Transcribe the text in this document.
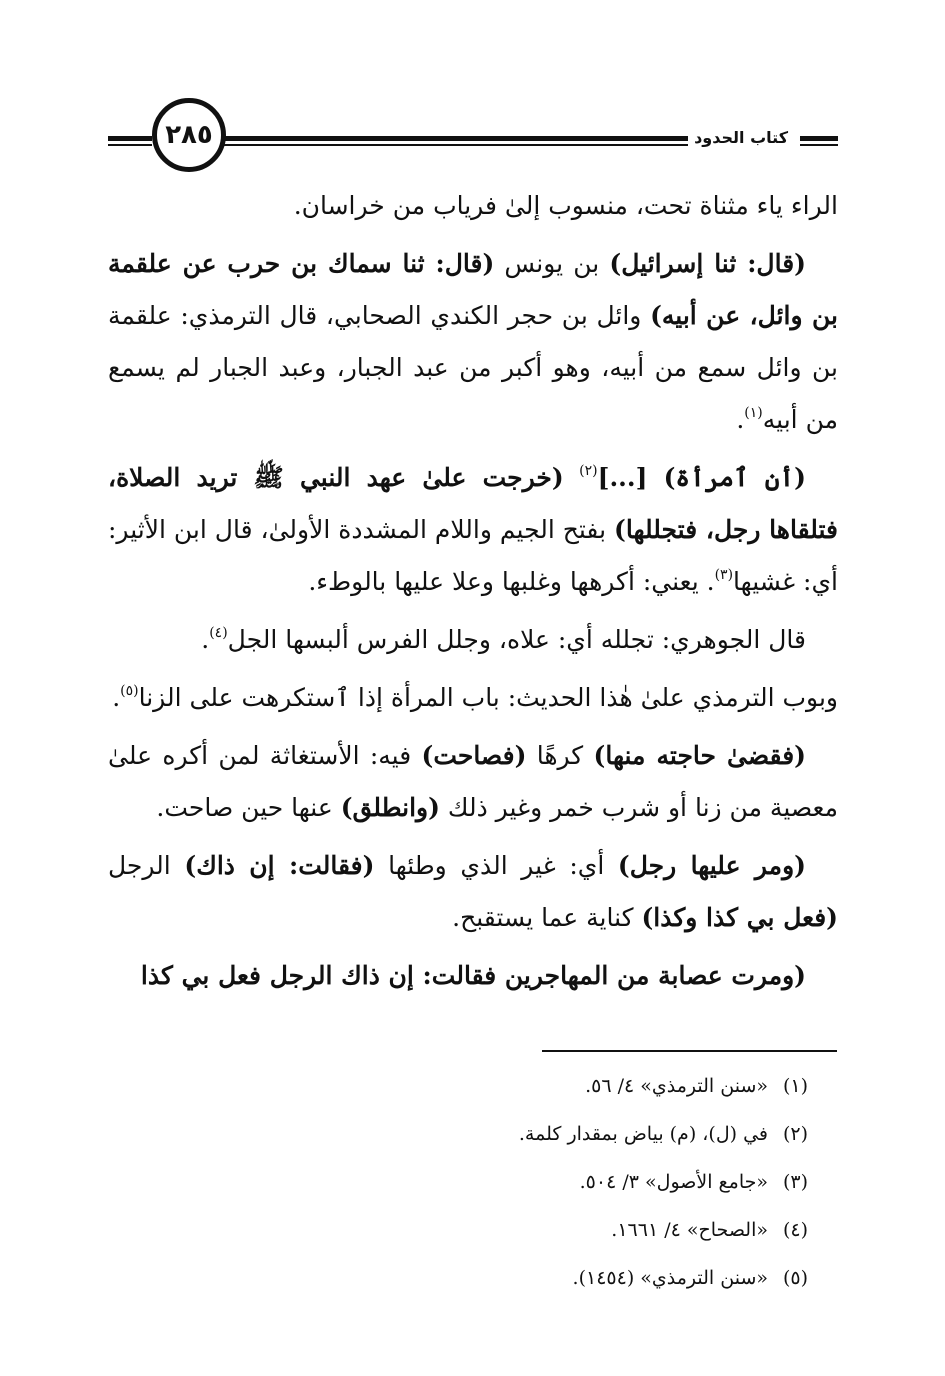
٢٨٥	كتاب الحدود

الراء ياء مثناة تحت، منسوب إلىٰ فرياب من خراسان.

(قال: ثنا إسرائيل) بن يونس (قال: ثنا سماك بن حرب عن علقمة بن وائل، عن أبيه) وائل بن حجر الكندي الصحابي، قال الترمذي: علقمة بن وائل سمع من أبيه، وهو أكبر من عبد الجبار، وعبد الجبار لم يسمع من أبيه$^{(١)}$.

(أن ٱمرأة) [...]$^{(٢)}$ (خرجت علىٰ عهد النبي ﷺ تريد الصلاة، فتلقاها رجل، فتجللها) بفتح الجيم واللام المشددة الأولىٰ، قال ابن الأثير: أي: غشيها$^{(٣)}$. يعني: أكرهها وغلبها وعلا عليها بالوطء.

قال الجوهري: تجلله أي: علاه، وجلل الفرس ألبسها الجل$^{(٤)}$.

وبوب الترمذي علىٰ هٰذا الحديث: باب المرأة إذا ٱستكرهت على الزنا$^{(٥)}$.

(فقضىٰ حاجته منها) كرهًا (فصاحت) فيه: الأستغاثة لمن أكره علىٰ معصية من زنا أو شرب خمر وغير ذلك (وانطلق) عنها حين صاحت.

(ومر عليها رجل) أي: غير الذي وطئها (فقالت: إن ذاك) الرجل (فعل بي كذا وكذا) كناية عما يستقبح.

(ومرت عصابة من المهاجرين فقالت: إن ذاك الرجل فعل بي كذا

(١)«سنن الترمذي» ٤/ ٥٦.
(٢)في (ل)، (م) بياض بمقدار كلمة.
(٣)«جامع الأصول» ٣/ ٥٠٤.
(٤)«الصحاح» ٤/ ١٦٦١.
(٥)«سنن الترمذي» (١٤٥٤).
